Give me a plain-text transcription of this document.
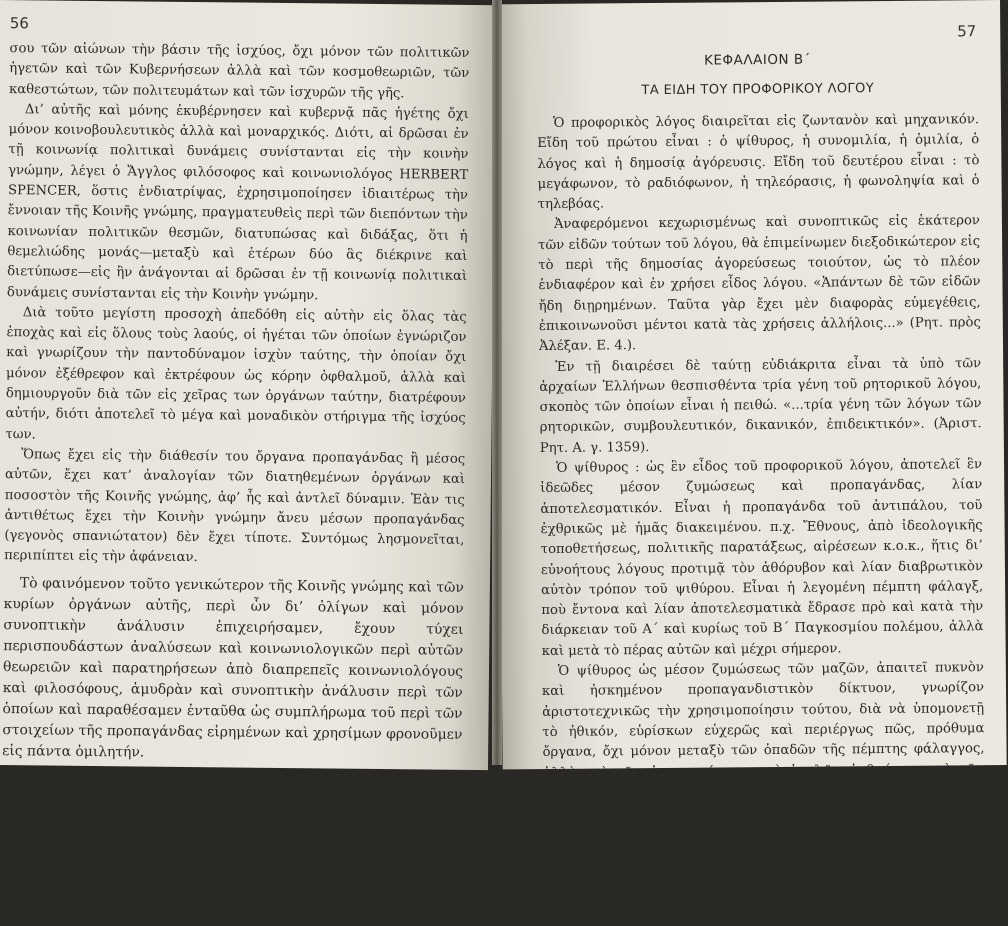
56

σου τῶν αἰώνων τὴν βάσιν τῆς ἰσχύος, ὄχι μόνον τῶν πολιτικῶν ἡγετῶν καὶ τῶν Κυβερνήσεων ἀλλὰ καὶ τῶν κοσμοθεωριῶν, τῶν καθεστώτων, τῶν πολιτευμάτων καὶ τῶν ἰσχυρῶν τῆς γῆς.

Δι’ αὐτῆς καὶ μόνης ἐκυβέρνησεν καὶ κυβερνᾷ πᾶς ἡγέτης ὄχι μόνον κοινοβουλευτικὸς ἀλλὰ καὶ μοναρχικός. Διότι, αἱ δρῶσαι ἐν τῇ κοινωνίᾳ πολιτικαὶ δυνάμεις συνίστανται εἰς τὴν κοινὴν γνώμην, λέγει ὁ Ἄγγλος φιλόσοφος καὶ κοινωνιολόγος HERBERT SPENCER, ὅστις ἐνδιατρίψας, ἐχρησιμοποίησεν ἰδιαιτέρως τὴν ἔννοιαν τῆς Κοινῆς γνώμης, πραγματευθεὶς περὶ τῶν διεπόντων τὴν κοινωνίαν πολιτικῶν θεσμῶν, διατυπώσας καὶ διδάξας, ὅτι ἡ θεμελιώδης μονάς—μεταξὺ καὶ ἑτέρων δύο ἃς διέκρινε καὶ διετύπωσε—εἰς ἣν ἀνάγονται αἱ δρῶσαι ἐν τῇ κοινωνίᾳ πολιτικαὶ δυνάμεις συνίστανται εἰς τὴν Κοινὴν γνώμην.

Διὰ τοῦτο μεγίστη προσοχὴ ἀπεδόθη εἰς αὐτὴν εἰς ὅλας τὰς ἐποχὰς καὶ εἰς ὅλους τοὺς λαούς, οἱ ἡγέται τῶν ὁποίων ἐγνώριζον καὶ γνωρίζουν τὴν παντοδύναμον ἰσχὺν ταύτης, τὴν ὁποίαν ὄχι μόνον ἐξέθρεφον καὶ ἐκτρέφουν ὡς κόρην ὀφθαλμοῦ, ἀλλὰ καὶ δημιουργοῦν διὰ τῶν εἰς χεῖρας των ὀργάνων ταύτην, διατρέφουν αὐτήν, διότι ἀποτελεῖ τὸ μέγα καὶ μοναδικὸν στήριγμα τῆς ἰσχύος των.

Ὅπως ἔχει εἰς τὴν διάθεσίν του ὄργανα προπαγάνδας ἢ μέσος αὐτῶν, ἔχει κατ’ ἀναλογίαν τῶν διατηθεμένων ὀργάνων καὶ ποσοστὸν τῆς Κοινῆς γνώμης, ἀφ’ ἧς καὶ ἀντλεῖ δύναμιν. Ἐὰν τις ἀντιθέτως ἔχει τὴν Κοινὴν γνώμην ἄνευ μέσων προπαγάνδας (γεγονὸς σπανιώτατον) δὲν ἔχει τίποτε. Συντόμως λησμονεῖται, περιπίπτει εἰς τὴν ἀφάνειαν.

Τὸ φαινόμενον τοῦτο γενικώτερον τῆς Κοινῆς γνώμης καὶ τῶν κυρίων ὀργάνων αὐτῆς, περὶ ὧν δι’ ὀλίγων καὶ μόνον συνοπτικὴν ἀνάλυσιν ἐπιχειρήσαμεν, ἔχουν τύχει περισπουδάστων ἀναλύσεων καὶ κοινωνιολογικῶν περὶ αὐτῶν θεωρειῶν καὶ παρατηρήσεων ἀπὸ διαπρεπεῖς κοινωνιολόγους καὶ φιλοσόφους, ἀμυδρὰν καὶ συνοπτικὴν ἀνάλυσιν περὶ τῶν ὁποίων καὶ παραθέσαμεν ἐνταῦθα ὡς συμπλήρωμα τοῦ περὶ τῶν στοιχείων τῆς προπαγάνδας εἰρημένων καὶ χρησίμων φρονοῦμεν εἰς πάντα ὁμιλητήν.

57
ΚΕΦΑΛΑΙΟΝ Β΄
ΤΑ ΕΙΔΗ ΤΟΥ ΠΡΟΦΟΡΙΚΟΥ ΛΟΓΟΥ

Ὁ προφορικὸς λόγος διαιρεῖται εἰς ζωντανὸν καὶ μηχανικόν. Εἴδη τοῦ πρώτου εἶναι : ὁ ψίθυρος, ἡ συνομιλία, ἡ ὁμιλία, ὁ λόγος καὶ ἡ δημοσίᾳ ἀγόρευσις. Εἴδη τοῦ δευτέρου εἶναι : τὸ μεγάφωνον, τὸ ραδιόφωνον, ἡ τηλεόρασις, ἡ φωνοληψία καὶ ὁ τηλεβόας.

Ἀναφερόμενοι κεχωρισμένως καὶ συνοπτικῶς εἰς ἑκάτερον τῶν εἰδῶν τούτων τοῦ λόγου, θὰ ἐπιμείνωμεν διεξοδικώτερον εἰς τὸ περὶ τῆς δημοσίας ἀγορεύσεως τοιούτον, ὡς τὸ πλέον ἐνδιαφέρον καὶ ἐν χρήσει εἶδος λόγου. «Ἁπάντων δὲ τῶν εἰδῶν ἤδη διῃρημένων. Ταῦτα γὰρ ἔχει μὲν διαφορὰς εὐμεγέθεις, ἐπικοινωνοῦσι μέντοι κατὰ τὰς χρήσεις ἀλλήλοις...» (Ρητ. πρὸς Ἀλέξαν. Ε. 4.).

Ἐν τῇ διαιρέσει δὲ ταύτῃ εὐδιάκριτα εἶναι τὰ ὑπὸ τῶν ἀρχαίων Ἑλλήνων θεσπισθέντα τρία γένη τοῦ ρητορικοῦ λόγου, σκοπὸς τῶν ὁποίων εἶναι ἡ πειθώ. «...τρία γένη τῶν λόγων τῶν ρητορικῶν, συμβουλευτικόν, δικανικόν, ἐπιδεικτικόν». (Ἀριστ. Ρητ. Α. γ. 1359).

Ὁ ψίθυρος : ὡς ἓν εἶδος τοῦ προφορικοῦ λόγου, ἀποτελεῖ ἓν ἰδεῶδες μέσον ζυμώσεως καὶ προπαγάνδας, λίαν ἀποτελεσματικόν. Εἶναι ἡ προπαγάνδα τοῦ ἀντιπάλου, τοῦ ἐχθρικῶς μὲ ἡμᾶς διακειμένου. π.χ. Ἔθνους, ἀπὸ ἰδεολογικῆς τοποθετήσεως, πολιτικῆς παρατάξεως, αἱρέσεων κ.ο.κ., ἥτις δι’ εὐνοήτους λόγους προτιμᾷ τὸν ἀθόρυβον καὶ λίαν διαβρωτικὸν αὐτὸν τρόπον τοῦ ψιθύρου. Εἶναι ἡ λεγομένη πέμπτη φάλαγξ, ποὺ ἔντονα καὶ λίαν ἀποτελεσματικὰ ἔδρασε πρὸ καὶ κατὰ τὴν διάρκειαν τοῦ Α΄ καὶ κυρίως τοῦ Β΄ Παγκοσμίου πολέμου, ἀλλὰ καὶ μετὰ τὸ πέρας αὐτῶν καὶ μέχρι σήμερον.

Ὁ ψίθυρος ὡς μέσον ζυμώσεως τῶν μαζῶν, ἀπαιτεῖ πυκνὸν καὶ ἠσκημένον προπαγανδιστικὸν δίκτυον, γνωρίζον ἀριστοτεχνικῶς τὴν χρησιμοποίησιν τούτου, διὰ νὰ ὑπομονετῇ τὸ ἠθικόν, εὑρίσκων εὐχερῶς καὶ περιέργως πῶς, πρόθυμα ὄργανα, ὄχι μόνον μεταξὺ τῶν ὀπαδῶν τῆς πέμπτης φάλαγγος, ἀλλὰ καὶ τῶν ἀνυποψιάστων καὶ ἀφελῶν ἀνθρώπων καὶ τῶν συνοδοιπόρων της, τοὺς ὁποίους παρασύρει καὶ μεταβάλλει εἰς ὄργανά της πρὸς τὸν ἑκάστοτε ἐπιδιωκόμενον διὰ τοῦ ψιθύρου της σκοπόν, ὑπονομεύουσα καὶ διαβιβρώσκουσα.

Ὁ Χίτλερ, κατὰ τὸν Β΄ Παγκόσμιον πόλεμον, διὰ τοῦ Γκαίμπελς, εἶχεν ἀρτιώτατα ὀργανώσει τὴν πέμπτην φάλαγγα καθ’ ἅπασαν κυρίως τὴν Εὐρώπην ἀλλὰ καὶ πέραν ταύτης, καὶ εἶχεν ἄριστα ἐπιτύχει εἰς
